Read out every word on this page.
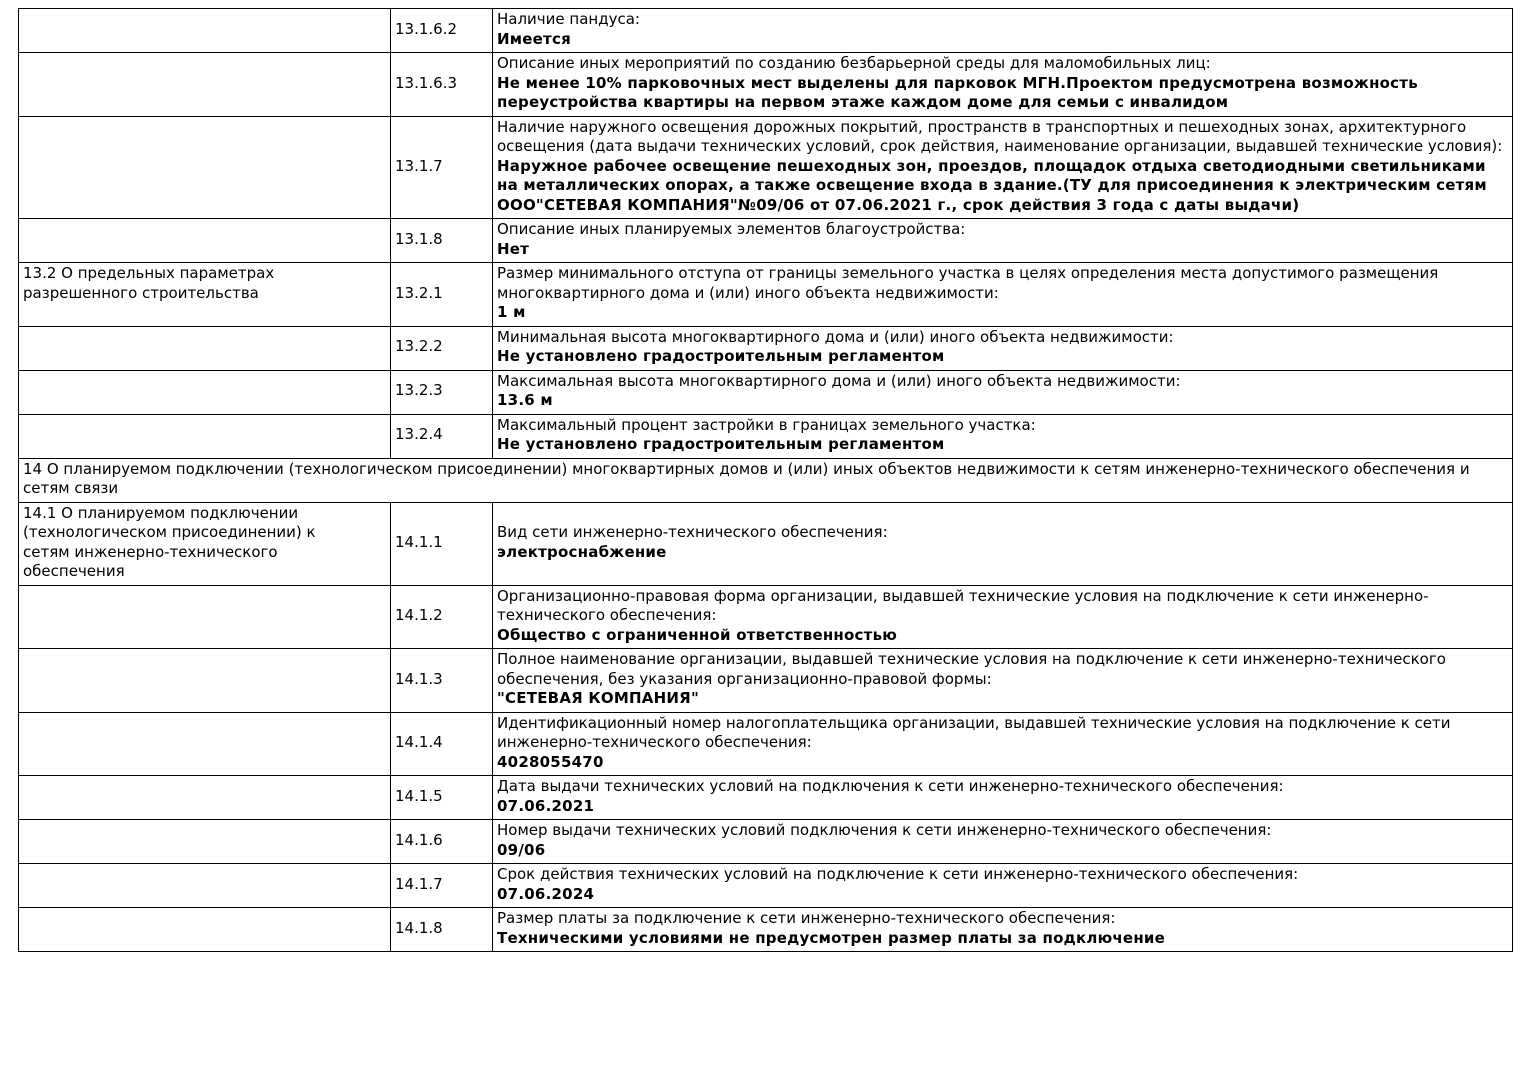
	13.1.6.2	Наличие пандуса:
Имеется

	13.1.6.3	Описание иных мероприятий по созданию безбарьерной среды для маломобильных лиц:
Не менее 10% парковочных мест выделены для парковок МГН.Проектом предусмотрена возможность переустройства квартиры на первом этаже каждом доме для семьи с инвалидом

	13.1.7	Наличие наружного освещения дорожных покрытий, пространств в транспортных и пешеходных зонах, архитектурного освещения (дата выдачи технических условий, срок действия, наименование организации, выдавшей технические условия):
Наружное рабочее освещение пешеходных зон, проездов, площадок отдыха светодиодными светильниками на металлических опорах, а также освещение входа в здание.(ТУ для присоединения к электрическим сетям ООО"СЕТЕВАЯ КОМПАНИЯ"№09/06 от 07.06.2021 г., срок действия 3 года с даты выдачи)

	13.1.8	Описание иных планируемых элементов благоустройства:
Нет

13.2 О предельных параметрах разрешенного строительства	13.2.1	Размер минимального отступа от границы земельного участка в целях определения места допустимого размещения многоквартирного дома и (или) иного объекта недвижимости:
1 м

	13.2.2	Минимальная высота многоквартирного дома и (или) иного объекта недвижимости:
Не установлено градостроительным регламентом

	13.2.3	Максимальная высота многоквартирного дома и (или) иного объекта недвижимости:
13.6 м

	13.2.4	Максимальный процент застройки в границах земельного участка:
Не установлено градостроительным регламентом

14 О планируемом подключении (технологическом присоединении) многоквартирных домов и (или) иных объектов недвижимости к сетям инженерно-технического обеспечения и сетям связи		

14.1 О планируемом подключении (технологическом присоединении) к сетям инженерно-технического обеспечения	14.1.1	Вид сети инженерно-технического обеспечения:
электроснабжение

	14.1.2	Организационно-правовая форма организации, выдавшей технические условия на подключение к сети инженерно-технического обеспечения:
Общество с ограниченной ответственностью

	14.1.3	Полное наименование организации, выдавшей технические условия на подключение к сети инженерно-технического обеспечения, без указания организационно-правовой формы:
"СЕТЕВАЯ КОМПАНИЯ"

	14.1.4	Идентификационный номер налогоплательщика организации, выдавшей технические условия на подключение к сети инженерно-технического обеспечения:
4028055470

	14.1.5	Дата выдачи технических условий на подключения к сети инженерно-технического обеспечения:
07.06.2021

	14.1.6	Номер выдачи технических условий подключения к сети инженерно-технического обеспечения:
09/06

	14.1.7	Срок действия технических условий на подключение к сети инженерно-технического обеспечения:
07.06.2024

	14.1.8	Размер платы за подключение к сети инженерно-технического обеспечения:
Техническими условиями не предусмотрен размер платы за подключение
